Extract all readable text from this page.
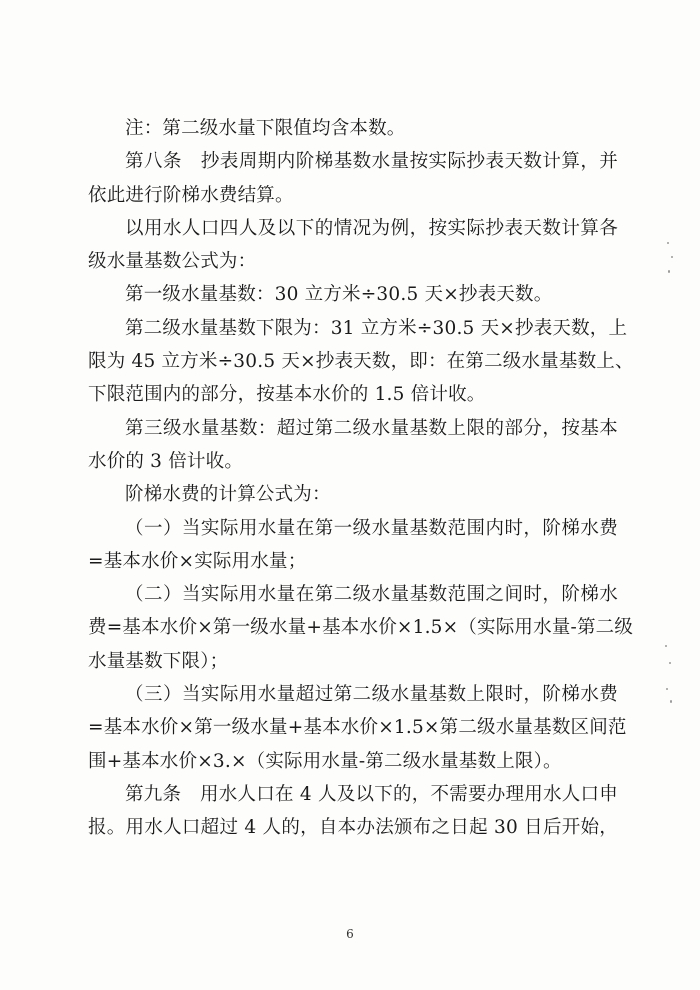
注：第二级水量下限值均含本数。
第八条　抄表周期内阶梯基数水量按实际抄表天数计算，并
依此进行阶梯水费结算。
以用水人口四人及以下的情况为例，按实际抄表天数计算各
级水量基数公式为：
第一级水量基数：30 立方米÷30.5 天×抄表天数。
第二级水量基数下限为：31 立方米÷30.5 天×抄表天数，上
限为 45 立方米÷30.5 天×抄表天数，即：在第二级水量基数上、
下限范围内的部分，按基本水价的 1.5 倍计收。
第三级水量基数：超过第二级水量基数上限的部分，按基本
水价的 3 倍计收。
阶梯水费的计算公式为：
（一）当实际用水量在第一级水量基数范围内时，阶梯水费
=基本水价×实际用水量；
（二）当实际用水量在第二级水量基数范围之间时，阶梯水
费=基本水价×第一级水量+基本水价×1.5×（实际用水量-第二级
水量基数下限）；
（三）当实际用水量超过第二级水量基数上限时，阶梯水费
=基本水价×第一级水量+基本水价×1.5×第二级水量基数区间范
围+基本水价×3.×（实际用水量-第二级水量基数上限）。
第九条　用水人口在 4 人及以下的，不需要办理用水人口申
报。用水人口超过 4 人的，自本办法颁布之日起 30 日后开始，
6
